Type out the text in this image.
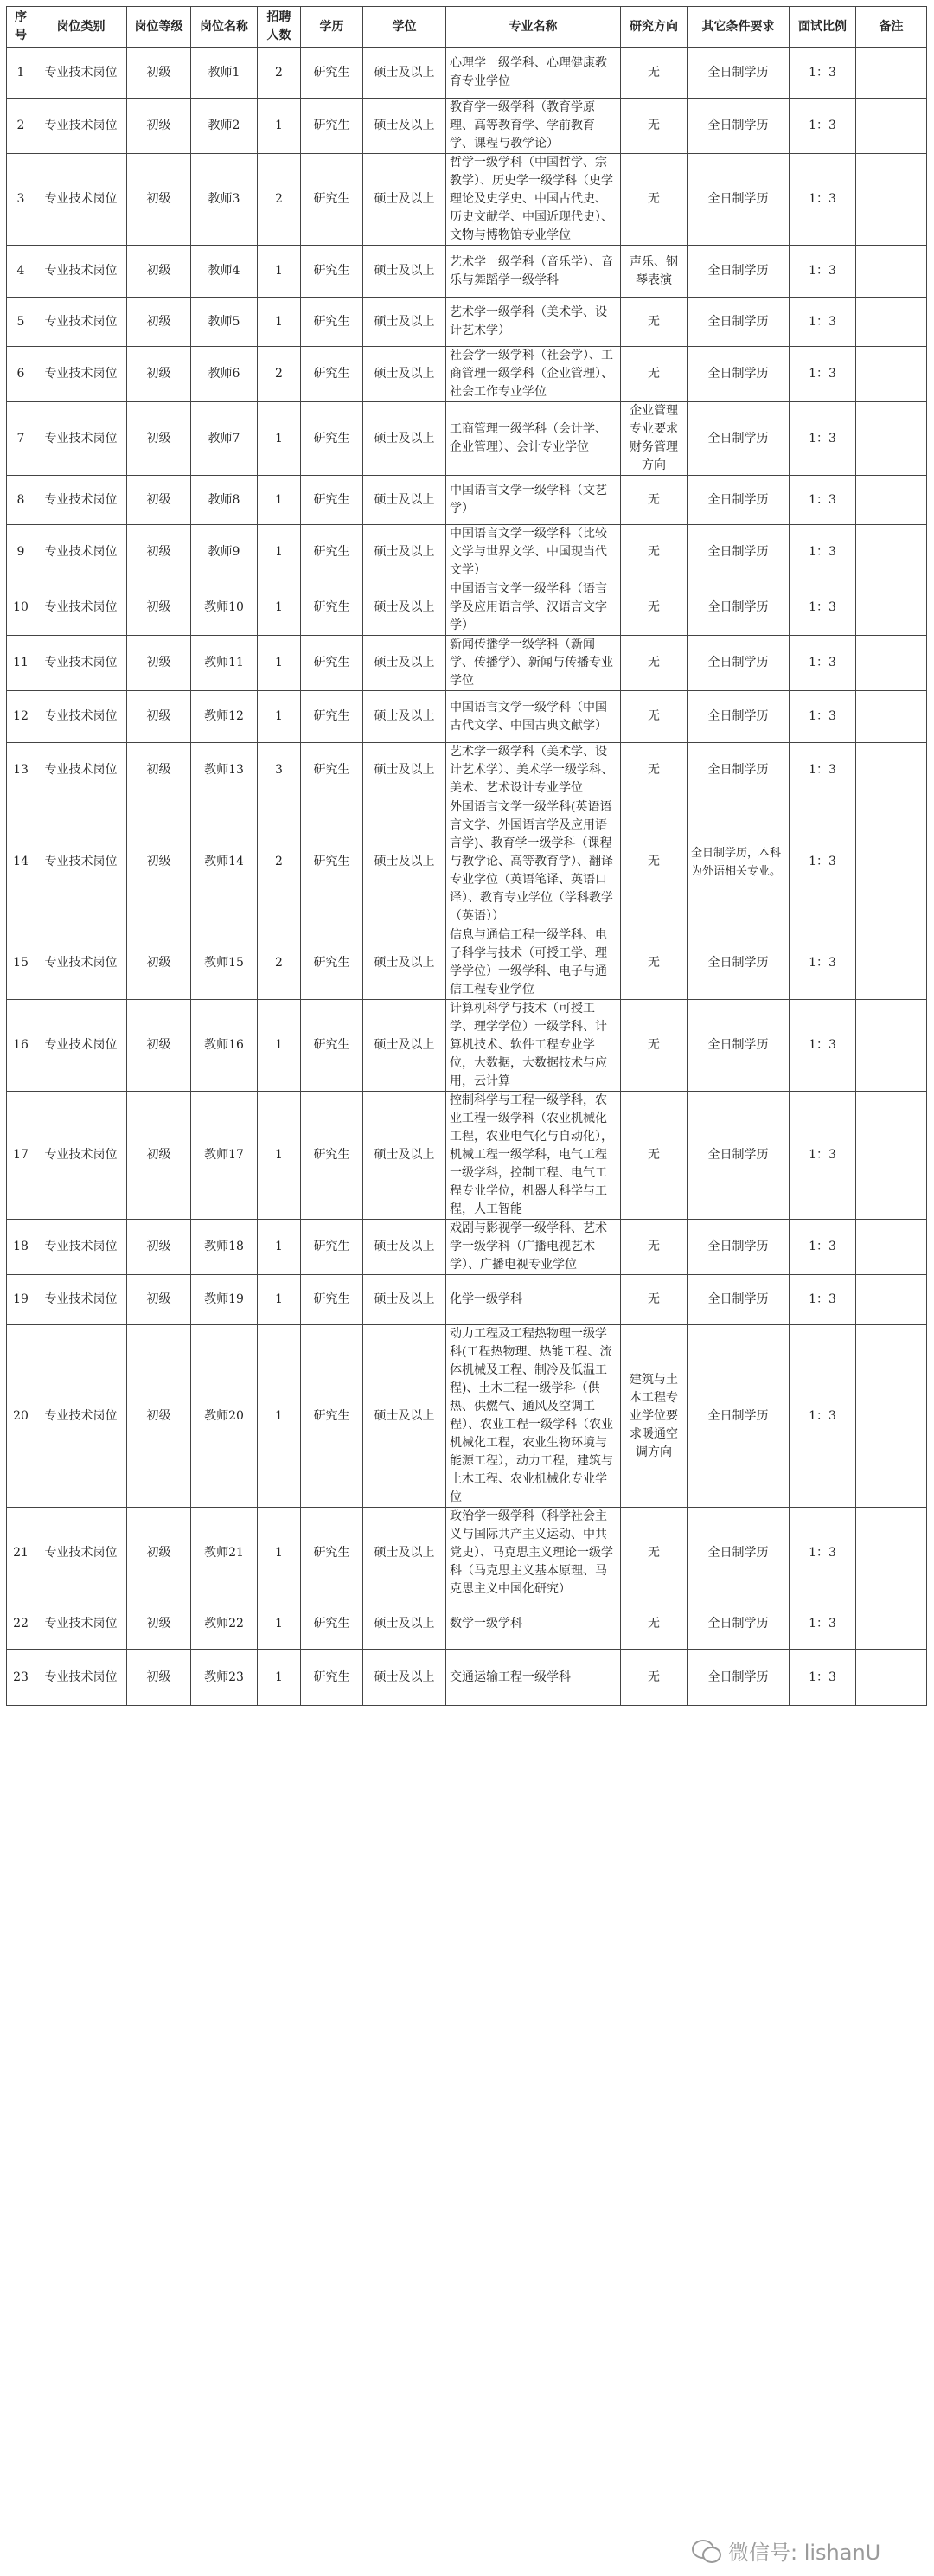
序号	岗位类别	岗位等级	岗位名称	招聘人数	学历	学位	专业名称	研究方向	其它条件要求	面试比例	备注
1	专业技术岗位	初级	教师1	2	研究生	硕士及以上	心理学一级学科、心理健康教育专业学位	无	全日制学历	1：3	
2	专业技术岗位	初级	教师2	1	研究生	硕士及以上	教育学一级学科（教育学原理、高等教育学、学前教育学、课程与教学论）	无	全日制学历	1：3	
3	专业技术岗位	初级	教师3	2	研究生	硕士及以上	哲学一级学科（中国哲学、宗教学）、历史学一级学科（史学理论及史学史、中国古代史、历史文献学、中国近现代史）、文物与博物馆专业学位	无	全日制学历	1：3	
4	专业技术岗位	初级	教师4	1	研究生	硕士及以上	艺术学一级学科（音乐学）、音乐与舞蹈学一级学科	声乐、钢琴表演	全日制学历	1：3	
5	专业技术岗位	初级	教师5	1	研究生	硕士及以上	艺术学一级学科（美术学、设计艺术学）	无	全日制学历	1：3	
6	专业技术岗位	初级	教师6	2	研究生	硕士及以上	社会学一级学科（社会学）、工商管理一级学科（企业管理）、社会工作专业学位	无	全日制学历	1：3	
7	专业技术岗位	初级	教师7	1	研究生	硕士及以上	工商管理一级学科（会计学、企业管理）、会计专业学位	企业管理专业要求财务管理方向	全日制学历	1：3	
8	专业技术岗位	初级	教师8	1	研究生	硕士及以上	中国语言文学一级学科（文艺学）	无	全日制学历	1：3	
9	专业技术岗位	初级	教师9	1	研究生	硕士及以上	中国语言文学一级学科（比较文学与世界文学、中国现当代文学）	无	全日制学历	1：3	
10	专业技术岗位	初级	教师10	1	研究生	硕士及以上	中国语言文学一级学科（语言学及应用语言学、汉语言文字学）	无	全日制学历	1：3	
11	专业技术岗位	初级	教师11	1	研究生	硕士及以上	新闻传播学一级学科（新闻学、传播学）、新闻与传播专业学位	无	全日制学历	1：3	
12	专业技术岗位	初级	教师12	1	研究生	硕士及以上	中国语言文学一级学科（中国古代文学、中国古典文献学）	无	全日制学历	1：3	
13	专业技术岗位	初级	教师13	3	研究生	硕士及以上	艺术学一级学科（美术学、设计艺术学）、美术学一级学科、美术、艺术设计专业学位	无	全日制学历	1：3	
14	专业技术岗位	初级	教师14	2	研究生	硕士及以上	外国语言文学一级学科(英语语言文学、外国语言学及应用语言学)、教育学一级学科（课程与教学论、高等教育学）、翻译专业学位（英语笔译、英语口译）、教育专业学位（学科教学（英语））	无	全日制学历，本科为外语相关专业。	1：3	
15	专业技术岗位	初级	教师15	2	研究生	硕士及以上	信息与通信工程一级学科、电子科学与技术（可授工学、理学学位）一级学科、电子与通信工程专业学位	无	全日制学历	1：3	
16	专业技术岗位	初级	教师16	1	研究生	硕士及以上	计算机科学与技术（可授工学、理学学位）一级学科、计算机技术、软件工程专业学位，大数据，大数据技术与应用，云计算	无	全日制学历	1：3	
17	专业技术岗位	初级	教师17	1	研究生	硕士及以上	控制科学与工程一级学科，农业工程一级学科（农业机械化工程，农业电气化与自动化），机械工程一级学科，电气工程一级学科，控制工程、电气工程专业学位，机器人科学与工程，人工智能	无	全日制学历	1：3	
18	专业技术岗位	初级	教师18	1	研究生	硕士及以上	戏剧与影视学一级学科、艺术学一级学科（广播电视艺术学）、广播电视专业学位	无	全日制学历	1：3	
19	专业技术岗位	初级	教师19	1	研究生	硕士及以上	化学一级学科	无	全日制学历	1：3	
20	专业技术岗位	初级	教师20	1	研究生	硕士及以上	动力工程及工程热物理一级学科(工程热物理、热能工程、流体机械及工程、制冷及低温工程)、土木工程一级学科（供热、供燃气、通风及空调工程）、农业工程一级学科（农业机械化工程，农业生物环境与能源工程），动力工程，建筑与土木工程、农业机械化专业学位	建筑与土木工程专业学位要求暖通空调方向	全日制学历	1：3	
21	专业技术岗位	初级	教师21	1	研究生	硕士及以上	政治学一级学科（科学社会主义与国际共产主义运动、中共党史）、马克思主义理论一级学科（马克思主义基本原理、马克思主义中国化研究）	无	全日制学历	1：3	
22	专业技术岗位	初级	教师22	1	研究生	硕士及以上	数学一级学科	无	全日制学历	1：3	
23	专业技术岗位	初级	教师23	1	研究生	硕士及以上	交通运输工程一级学科	无	全日制学历	1：3	
微信号: lishanU
